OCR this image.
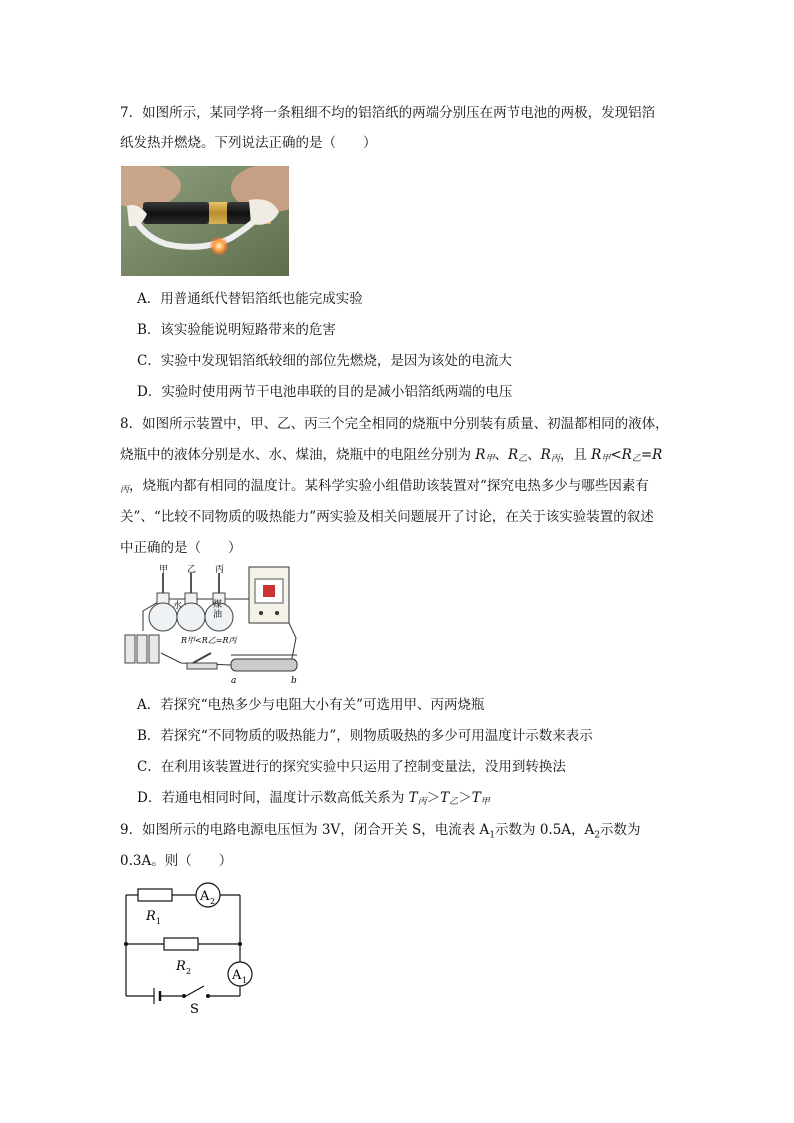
7．如图所示，某同学将一条粗细不均的铝箔纸的两端分别压在两节电池的两极，发现铝箔
纸发热并燃烧。下列说法正确的是（　　）
A．用普通纸代替铝箔纸也能完成实验
B．该实验能说明短路带来的危害
C．实验中发现铝箔纸较细的部位先燃烧，是因为该处的电流大
D．实验时使用两节干电池串联的目的是减小铝箔纸两端的电压
8．如图所示装置中，甲、乙、丙三个完全相同的烧瓶中分别装有质量、初温都相同的液体，
烧瓶中的液体分别是水、水、煤油，烧瓶中的电阻丝分别为 $R_甲$、$R_乙$、$R_丙$，且 $R_甲<R_乙=R$
$_丙$，烧瓶内都有相同的温度计。某科学实验小组借助该装置对“探究电热多少与哪些因素有
关”、“比较不同物质的吸热能力”两实验及相关问题展开了讨论，在关于该实验装置的叙述
中正确的是（　　）
甲 乙 丙
水	煤
油
R甲<R乙=R丙
a	b
A．若探究“电热多少与电阻大小有关”可选用甲、丙两烧瓶
B．若探究“不同物质的吸热能力”，则物质吸热的多少可用温度计示数来表示
C．在利用该装置进行的探究实验中只运用了控制变量法，没用到转换法
D．若通电相同时间，温度计示数高低关系为 $T_丙>T_乙>T_甲$
9．如图所示的电路电源电压恒为 3V，闭合开关 S，电流表 $A_1$示数为 0.5A，$A_2$示数为
0.3A。则（　　）
A 2
A 1
R 1
R 2
S
